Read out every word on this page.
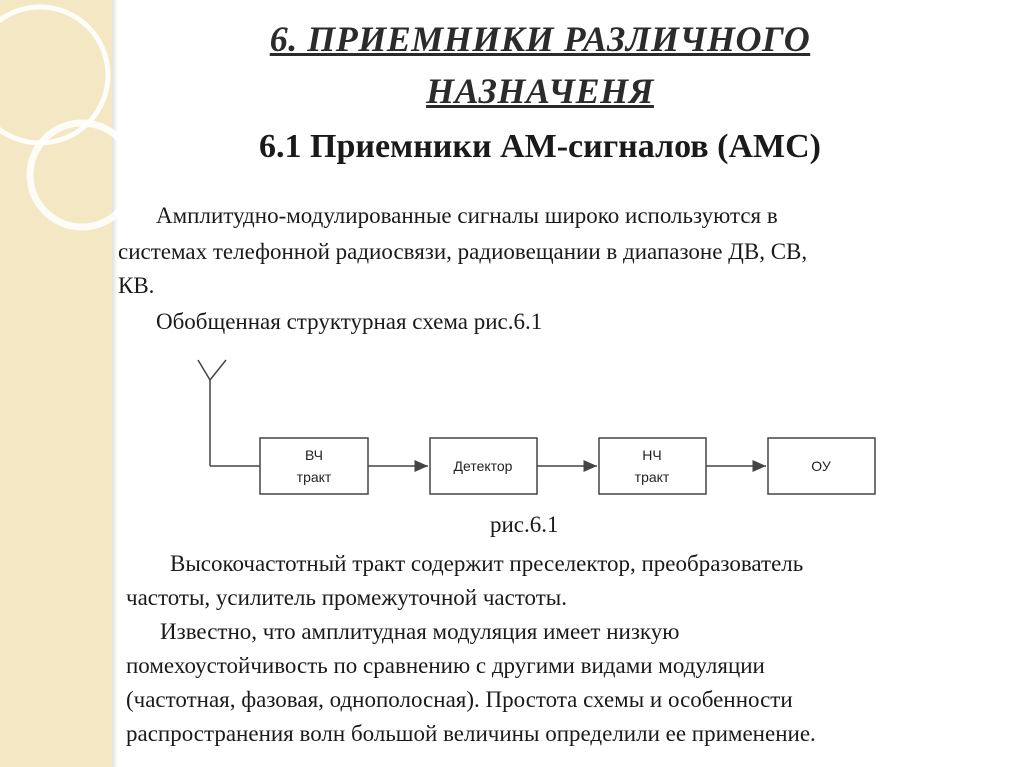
6. ПРИЕМНИКИ РАЗЛИЧНОГО
НАЗНАЧЕНЯ
6.1 Приемники АМ-сигналов (АМС)
Амплитудно-модулированные сигналы широко используются в
системах телефонной радиосвязи, радиовещании в диапазоне ДВ, СВ,
КВ.
Обобщенная структурная схема рис.6.1
ВЧ
тракт
Детектор
НЧ
тракт
ОУ
рис.6.1
Высокочастотный тракт содержит преселектор, преобразователь
частоты, усилитель промежуточной частоты.
Известно, что амплитудная модуляция имеет низкую
помехоустойчивость по сравнению с другими видами модуляции
(частотная, фазовая, однополосная). Простота схемы и особенности
распространения волн большой величины определили ее применение.
